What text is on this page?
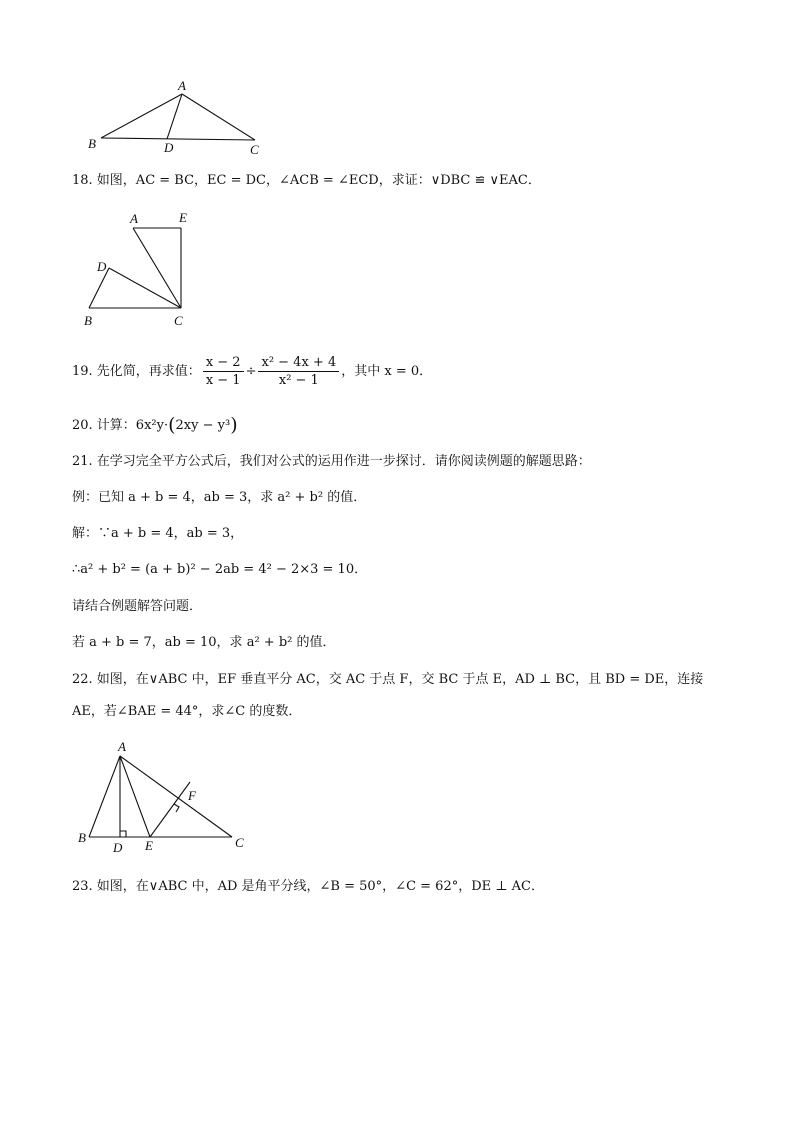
A
B	D	C
18. 如图，AC = BC，EC = DC，∠ACB = ∠ECD，求证：∨DBC ≌ ∨EAC．
A	E
D
B	C
19. 先化简，再求值： $\frac{x - 2}{x - 1} \div \frac{\text{x² − 4x + 4}}{\text{x² − 1}}$ ，其中 x = 0．
20. 计算：6x²y·(2xy − y³)
21. 在学习完全平方公式后，我们对公式的运用作进一步探讨．请你阅读例题的解题思路：
例：已知 a + b = 4，ab = 3，求 a² + b² 的值．
解：∵a + b = 4，ab = 3，
∴a² + b² = (a + b)² − 2ab = 4² − 2×3 = 10．
请结合例题解答问题．
若 a + b = 7，ab = 10，求 a² + b² 的值．
22. 如图，在∨ABC 中，EF 垂直平分 AC，交 AC 于点 F，交 BC 于点 E，AD ⊥ BC，且 BD = DE，连接
AE，若∠BAE = 44°，求∠C 的度数．
A
B
D E
F
C
23. 如图，在∨ABC 中，AD 是角平分线，∠B = 50°，∠C = 62°，DE ⊥ AC．
